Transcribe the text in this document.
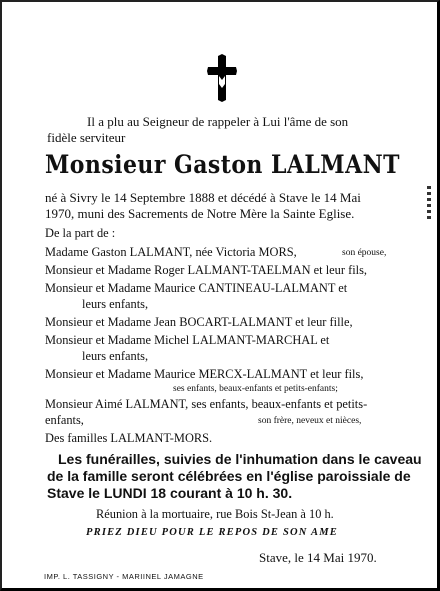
Il a plu au Seigneur de rappeler à Lui l'âme de son
fidèle serviteur
Monsieur Gaston LALMANT
né à Sivry le 14 Septembre 1888 et décédé à Stave le 14 Mai
1970, muni des Sacrements de Notre Mère la Sainte Eglise.
De la part de :
Madame Gaston LALMANT, née Victoria MORS,	son épouse,
Monsieur et Madame Roger LALMANT-TAELMAN et leur fils,
Monsieur et Madame Maurice CANTINEAU-LALMANT et
leurs enfants,
Monsieur et Madame Jean BOCART-LALMANT et leur fille,
Monsieur et Madame Michel LALMANT-MARCHAL et
leurs enfants,
Monsieur et Madame Maurice MERCX-LALMANT et leur fils,
ses enfants, beaux-enfants et petits-enfants;
Monsieur Aimé LALMANT, ses enfants, beaux-enfants et petits-
enfants,	son frère, neveux et nièces,
Des familles LALMANT-MORS.
Les funérailles, suivies de l'inhumation dans le caveau
de la famille seront célébrées en l'église paroissiale de
Stave le LUNDI 18 courant à 10 h. 30.
Réunion à la mortuaire, rue Bois St-Jean à 10 h.
PRIEZ DIEU POUR LE REPOS DE SON AME
Stave, le 14 Mai 1970.
IMP. L. TASSIGNY - MARIINEL JAMAGNE
